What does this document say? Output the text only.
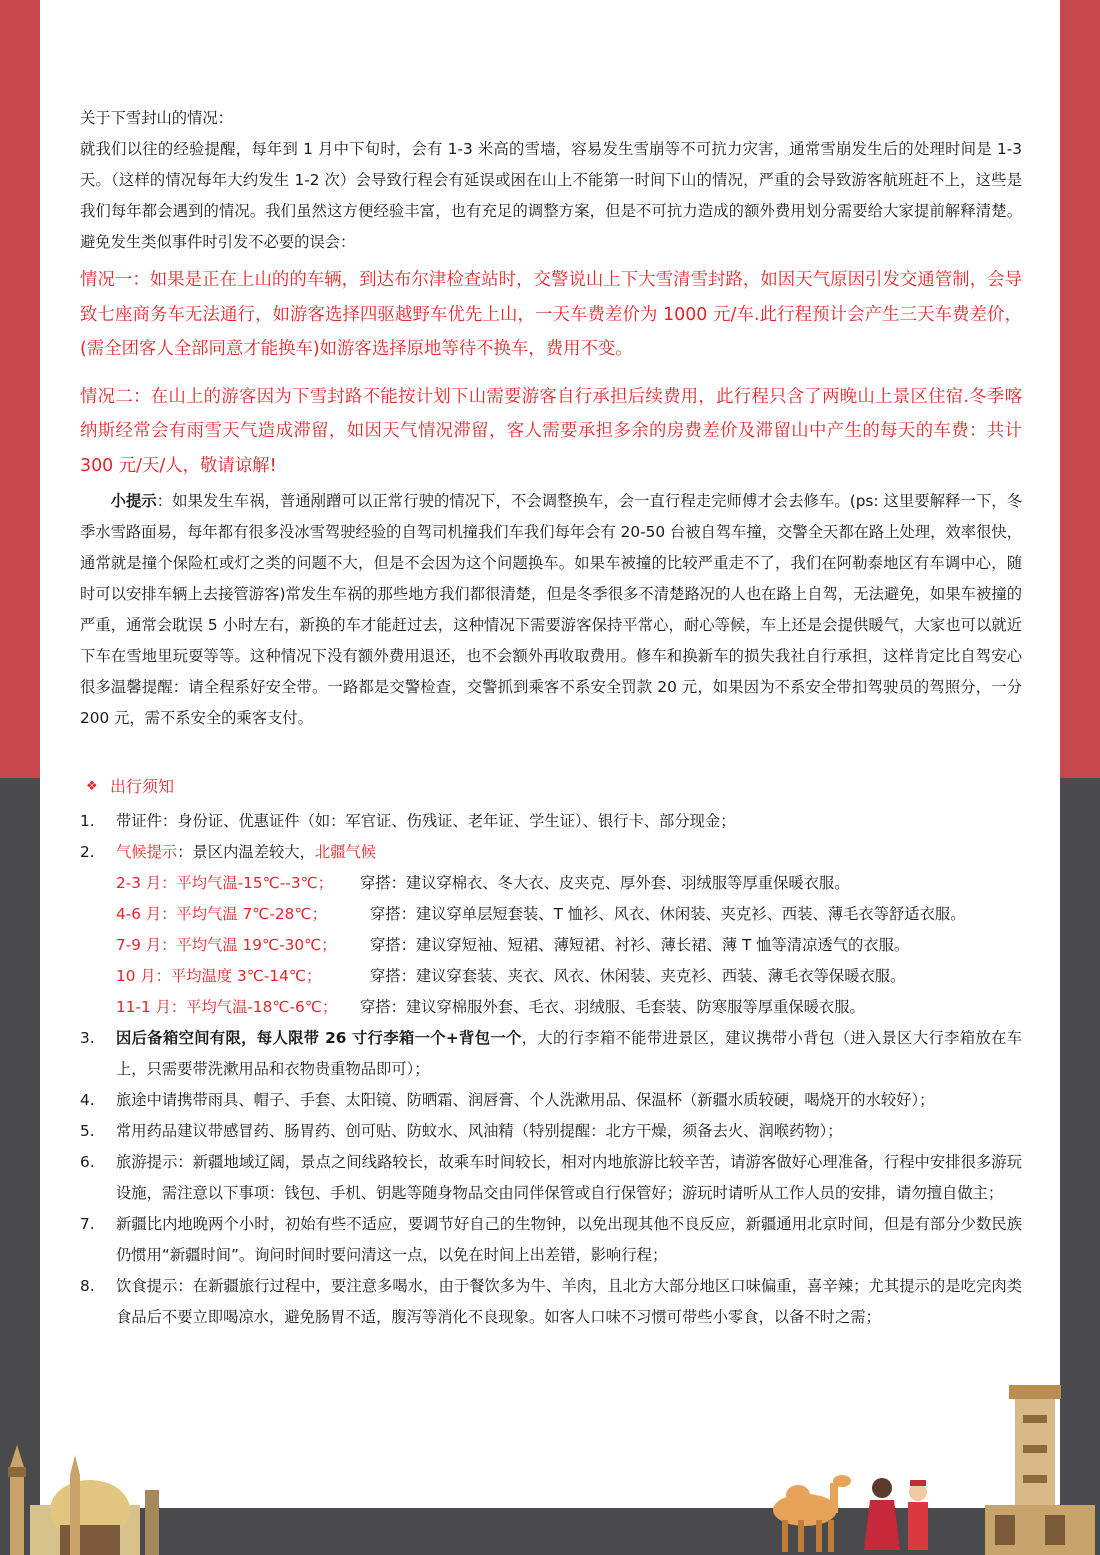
关于下雪封山的情况：

就我们以往的经验提醒，每年到 1 月中下旬时，会有 1-3 米高的雪墙，容易发生雪崩等不可抗力灾害，通常雪崩发生后的处理时间是 1-3 天。（这样的情况每年大约发生 1-2 次）会导致行程会有延误或困在山上不能第一时间下山的情况，严重的会导致游客航班赶不上，这些是我们每年都会遇到的情况。我们虽然这方便经验丰富，也有充足的调整方案，但是不可抗力造成的额外费用划分需要给大家提前解释清楚。避免发生类似事件时引发不必要的误会：

情况一：如果是正在上山的的车辆，到达布尔津检查站时，交警说山上下大雪清雪封路，如因天气原因引发交通管制，会导致七座商务车无法通行，如游客选择四驱越野车优先上山，一天车费差价为 1000 元/车.此行程预计会产生三天车费差价，(需全团客人全部同意才能换车)如游客选择原地等待不换车，费用不变。

情况二：在山上的游客因为下雪封路不能按计划下山需要游客自行承担后续费用，此行程只含了两晚山上景区住宿.冬季喀纳斯经常会有雨雪天气造成滞留，如因天气情况滞留，客人需要承担多余的房费差价及滞留山中产生的每天的车费：共计 300 元/天/人，敬请谅解!

小提示：如果发生车祸，普通剐蹭可以正常行驶的情况下，不会调整换车，会一直行程走完师傅才会去修车。(ps: 这里要解释一下，冬季水雪路面易，每年都有很多没冰雪驾驶经验的自驾司机撞我们车我们每年会有 20-50 台被自驾车撞，交警全天都在路上处理，效率很快，通常就是撞个保险杠或灯之类的问题不大，但是不会因为这个问题换车。如果车被撞的比较严重走不了，我们在阿勒泰地区有车调中心，随时可以安排车辆上去接管游客)常发生车祸的那些地方我们都很清楚，但是冬季很多不清楚路况的人也在路上自驾，无法避免，如果车被撞的严重，通常会耽误 5 小时左右，新换的车才能赶过去，这种情况下需要游客保持平常心，耐心等候，车上还是会提供暖气，大家也可以就近下车在雪地里玩耍等等。这种情况下没有额外费用退还，也不会额外再收取费用。修车和换新车的损失我社自行承担，这样肯定比自驾安心很多温馨提醒：请全程系好安全带。一路都是交警检查，交警抓到乘客不系安全罚款 20 元，如果因为不系安全带扣驾驶员的驾照分，一分 200 元，需不系安全的乘客支付。

❖ 出行须知
1.	带证件：身份证、优惠证件（如：军官证、伤残证、老年证、学生证）、银行卡、部分现金；
2.	气候提示：景区内温差较大，北疆气候
2-3 月：平均气温-15℃--3℃；	穿搭：建议穿棉衣、冬大衣、皮夹克、厚外套、羽绒服等厚重保暖衣服。
4-6 月：平均气温 7℃-28℃；	穿搭：建议穿单层短套装、T 恤衫、风衣、休闲装、夹克衫、西装、薄毛衣等舒适衣服。
7-9 月：平均气温 19℃-30℃；	穿搭：建议穿短袖、短裙、薄短裙、衬衫、薄长裙、薄 T 恤等清凉透气的衣服。
10 月：平均温度 3℃-14℃；	穿搭：建议穿套装、夹衣、风衣、休闲装、夹克衫、西装、薄毛衣等保暖衣服。
11-1 月：平均气温-18℃-6℃；	穿搭：建议穿棉服外套、毛衣、羽绒服、毛套装、防寒服等厚重保暖衣服。
3.	因后备箱空间有限，每人限带 26 寸行李箱一个+背包一个，大的行李箱不能带进景区，建议携带小背包（进入景区大行李箱放在车上，只需要带洗漱用品和衣物贵重物品即可）；
4.	旅途中请携带雨具、帽子、手套、太阳镜、防晒霜、润唇膏、个人洗漱用品、保温杯（新疆水质较硬，喝烧开的水较好）；
5.	常用药品建议带感冒药、肠胃药、创可贴、防蚊水、风油精（特别提醒：北方干燥，须备去火、润喉药物）；
6.	旅游提示：新疆地域辽阔，景点之间线路较长，故乘车时间较长，相对内地旅游比较辛苦，请游客做好心理准备，行程中安排很多游玩设施，需注意以下事项：钱包、手机、钥匙等随身物品交由同伴保管或自行保管好；游玩时请听从工作人员的安排，请勿擅自做主；
7.	新疆比内地晚两个小时，初始有些不适应，要调节好自己的生物钟，以免出现其他不良反应，新疆通用北京时间，但是有部分少数民族仍惯用“新疆时间”。询问时间时要问清这一点，以免在时间上出差错，影响行程；
8.	饮食提示：在新疆旅行过程中，要注意多喝水，由于餐饮多为牛、羊肉，且北方大部分地区口味偏重，喜辛辣；尤其提示的是吃完肉类食品后不要立即喝凉水，避免肠胃不适，腹泻等消化不良现象。如客人口味不习惯可带些小零食，以备不时之需；
